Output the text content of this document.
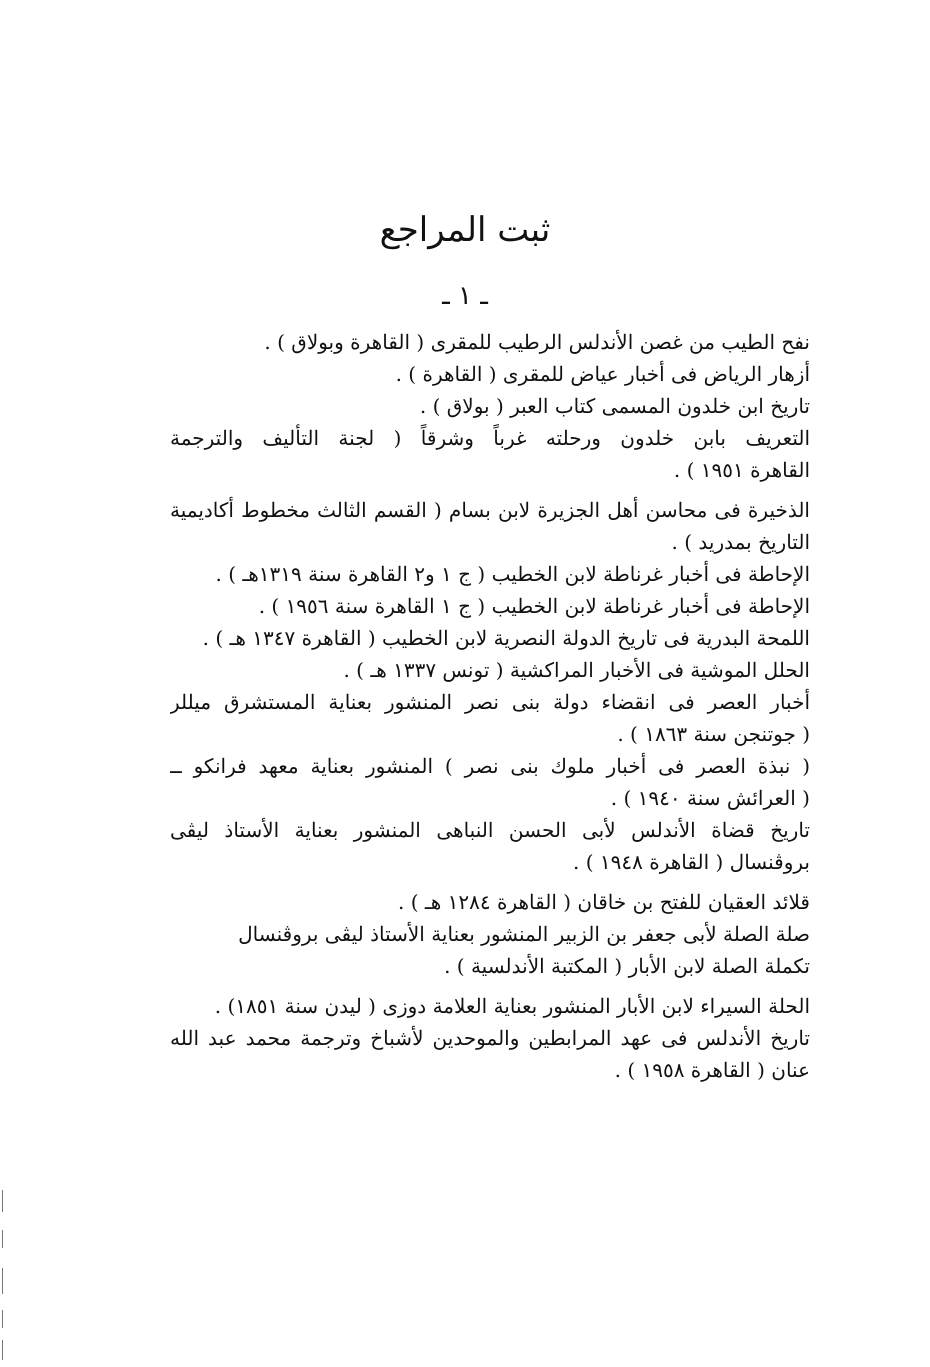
ثبت المراجع
ـ ١ ـ
نفح الطيب من غصن الأندلس الرطيب للمقرى ( القاهرة وبولاق ) .
أزهار الرياض فى أخبار عياض للمقرى ( القاهرة ) .
تاريخ ابن خلدون المسمى كتاب العبر ( بولاق ) .
التعريف بابن خلدون ورحلته غرباً وشرقاً ( لجنة التأليف والترجمة
القاهرة ١٩٥١ ) .
الذخيرة فى محاسن أهل الجزيرة لابن بسام ( القسم الثالث مخطوط أكاديمية
التاريخ بمدريد ) .
الإحاطة فى أخبار غرناطة لابن الخطيب ( ج ١ و٢ القاهرة سنة ١٣١٩هـ ) .
الإحاطة فى أخبار غرناطة لابن الخطيب ( ج ١ القاهرة سنة ١٩٥٦ ) .
اللمحة البدرية فى تاريخ الدولة النصرية لابن الخطيب ( القاهرة ١٣٤٧ هـ ) .
الحلل الموشية فى الأخبار المراكشية ( تونس ١٣٣٧ هـ ) .
أخبار العصر فى انقضاء دولة بنى نصر المنشور بعناية المستشرق ميللر
( جوتنجن سنة ١٨٦٣ ) .
( نبذة العصر فى أخبار ملوك بنى نصر ) المنشور بعناية معهد فرانكو ــ
( العرائش سنة ١٩٤٠ ) .
تاريخ قضاة الأندلس لأبى الحسن النباهى المنشور بعناية الأستاذ ليڤى
بروڤنسال ( القاهرة ١٩٤٨ ) .
قلائد العقيان للفتح بن خاقان ( القاهرة ١٢٨٤ هـ ) .
صلة الصلة لأبى جعفر بن الزبير المنشور بعناية الأستاذ ليڤى بروڤنسال
تكملة الصلة لابن الأبار ( المكتبة الأندلسية ) .
الحلة السيراء لابن الأبار المنشور بعناية العلامة دوزى ( ليدن سنة ١٨٥١) .
تاريخ الأندلس فى عهد المرابطين والموحدين لأشباخ وترجمة محمد عبد الله
عنان ( القاهرة ١٩٥٨ ) .
